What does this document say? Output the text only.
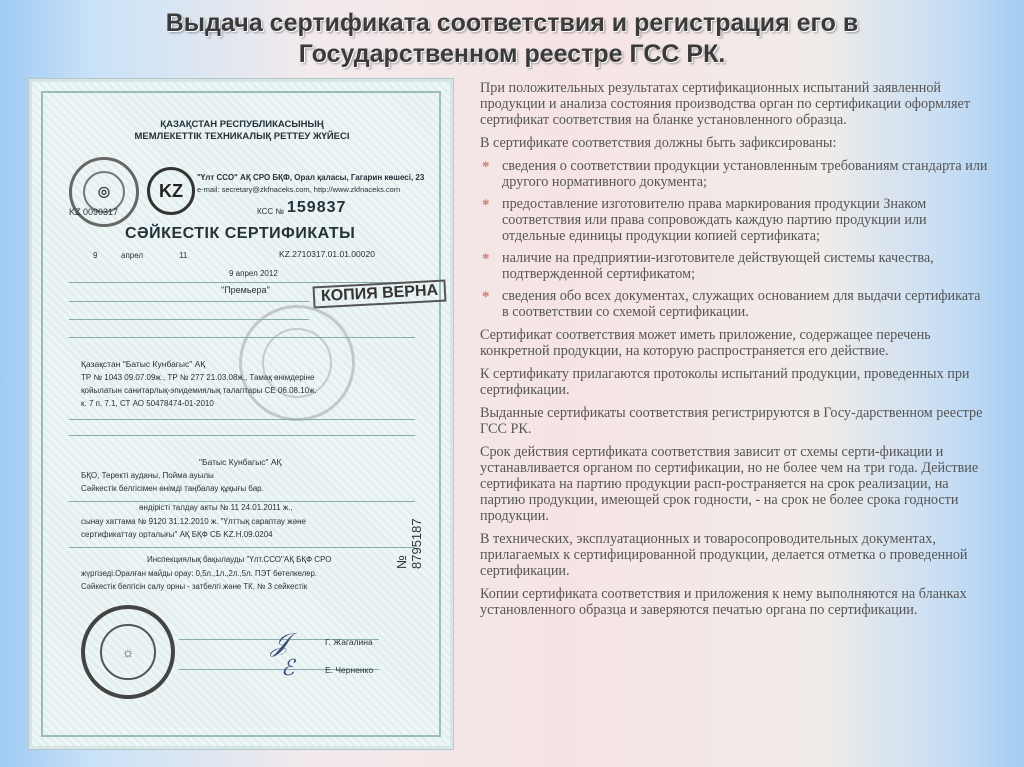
Выдача сертификата соответствия и регистрация его в
Государственном реестре ГСС РК.
ҚАЗАҚСТАН РЕСПУБЛИКАСЫНЫҢ
МЕМЛЕКЕТТІК ТЕХНИКАЛЫҚ РЕТТЕУ ЖҮЙЕСІ
◎	KZ
"Үлт ССО" АҚ СРО БҚФ, Орал қаласы, Гагарин көшесі, 23
e-mail: secretary@zkfnaceks.com, http://www.zkfnaceks.com
KZ 0090317	КСС № 159837
СӘЙКЕСТІК СЕРТИФИКАТЫ
9	апрел	11	KZ.2710317.01.01.00020
9 апрел 2012
"Премьера"	КОПИЯ ВЕРНА
Қазақстан "Батыс Кунбагыс" АҚ
ТР № 1043 09.07.09ж., ТР № 277 21.03.08ж., Тамақ өнімдеріне
қойылатын санитарлық-эпидемиялық талаптары СЕ 06.08.10ж.
к. 7 п. 7.1, СТ АО 50478474-01-2010
"Батыс Кунбагыс" АҚ
БҚО, Теректі ауданы, Пойма ауылы
Сәйкестік белгісімен өнімді таңбалау құқығы бар.
өндірісті талдау акты № 11 24.01.2011 ж.,
сынау хаттама № 9120 31.12.2010 ж. "Үлттық сараптау және
сертификаттау орталығы" АҚ БҚФ СБ KZ.Н.09.0204
Инспекциялық бақылауды "Үлт.ССО"АҚ БҚФ СРО
жүргізеді.Оралған майды орау: 0,5л.,1л.,2л.,5л. ПЭТ бөтелкелер.
Сәйкестік белгісін салу орны - затбелгі және ТК, № 3 сейкестік
№ 8795187
☼	𝒥	Г. Жагалина
ℰ	Е. Черненко

При положительных результатах сертификационных испытаний заявленной продукции и анализа состояния производства орган по сертификации оформляет сертификат соответствия на бланке установленного образца.

В сертификате соответствия должны быть зафиксированы:

* сведения о соответствии продукции установленным требованиям стандарта или другого нормативного документа;
* предоставление изготовителю права маркирования продукции Знаком соответствия или права сопровождать каждую партию продукции или отдельные единицы продукции копией сертификата;
* наличие на предприятии-изготовителе действующей системы качества, подтвержденной сертификатом;
* сведения обо всех документах, служащих основанием для выдачи сертификата в соответствии со схемой сертификации.

Сертификат соответствия может иметь приложение, содержащее перечень конкретной продукции, на которую распространяется его действие.

К сертификату прилагаются протоколы испытаний продукции, проведенных при сертификации.

Выданные сертификаты соответствия регистрируются в Госу-дарственном реестре ГСС РК.

Срок действия сертификата соответствия зависит от схемы серти-фикации и устанавливается органом по сертификации, но не более чем на три года. Действие сертификата на партию продукции расп-ространяется на срок реализации, на партию продукции, имеющей срок годности, - на срок не более срока годности продукции.

В технических, эксплуатационных и товаросопроводительных документах, прилагаемых к сертифицированной продукции, делается отметка о проведенной сертификации.

Копии сертификата соответствия и приложения к нему выполняются на бланках установленного образца и заверяются печатью органа по сертификации.
